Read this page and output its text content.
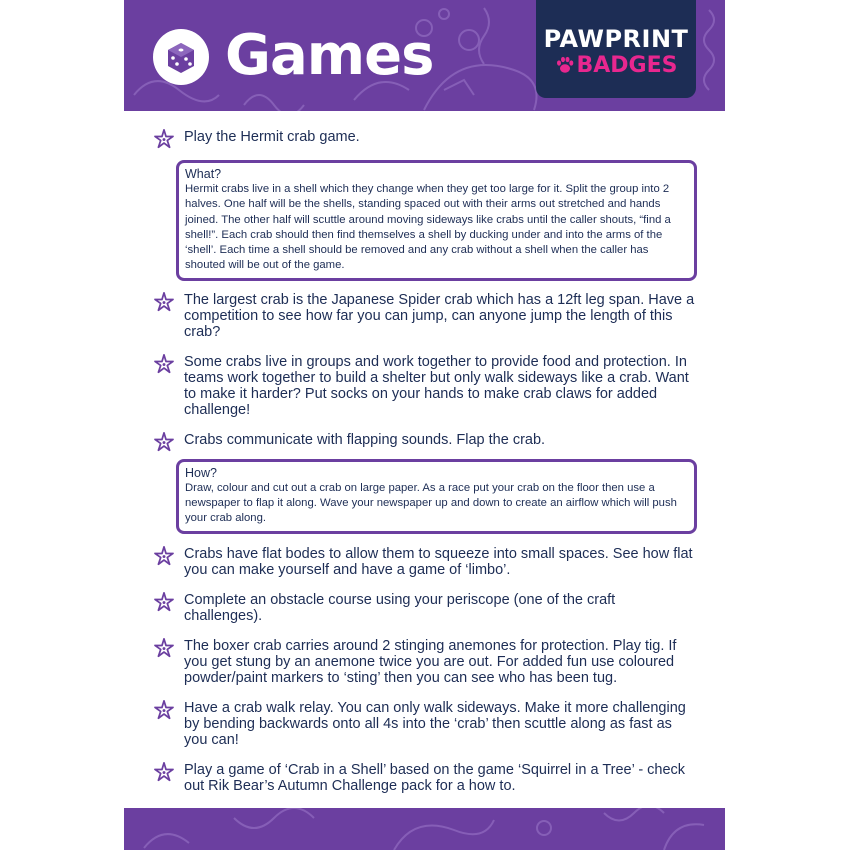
Games	PAWPRINT
BADGES
Play the Hermit crab game.
What?
Hermit crabs live in a shell which they change when they get too large for it. Split the group into 2 halves. One half will be the shells, standing spaced out with their arms out stretched and hands joined. The other half will scuttle around moving sideways like crabs until the caller shouts, “find a shell!”. Each crab should then find themselves a shell by ducking under and into the arms of the ‘shell’. Each time a shell should be removed and any crab without a shell when the caller has shouted will be out of the game.
The largest crab is the Japanese Spider crab which has a 12ft leg span. Have a competition to see how far you can jump, can anyone jump the length of this crab?
Some crabs live in groups and work together to provide food and protection. In teams work together to build a shelter but only walk sideways like a crab. Want to make it harder? Put socks on your hands to make crab claws for added challenge!
Crabs communicate with flapping sounds. Flap the crab.
How?
Draw, colour and cut out a crab on large paper. As a race put your crab on the floor then use a newspaper to flap it along. Wave your newspaper up and down to create an airflow which will push your crab along.
Crabs have flat bodes to allow them to squeeze into small spaces. See how flat you can make yourself and have a game of ‘limbo’.
Complete an obstacle course using your periscope (one of the craft challenges).
The boxer crab carries around 2 stinging anemones for protection. Play tig. If you get stung by an anemone twice you are out. For added fun use coloured powder/paint markers to ‘sting’ then you can see who has been tug.
Have a crab walk relay. You can only walk sideways. Make it more challenging by bending backwards onto all 4s into the ‘crab’ then scuttle along as fast as you can!
Play a game of ‘Crab in a Shell’ based on the game ‘Squirrel in a Tree’ - check out Rik Bear’s Autumn Challenge pack for a how to.
